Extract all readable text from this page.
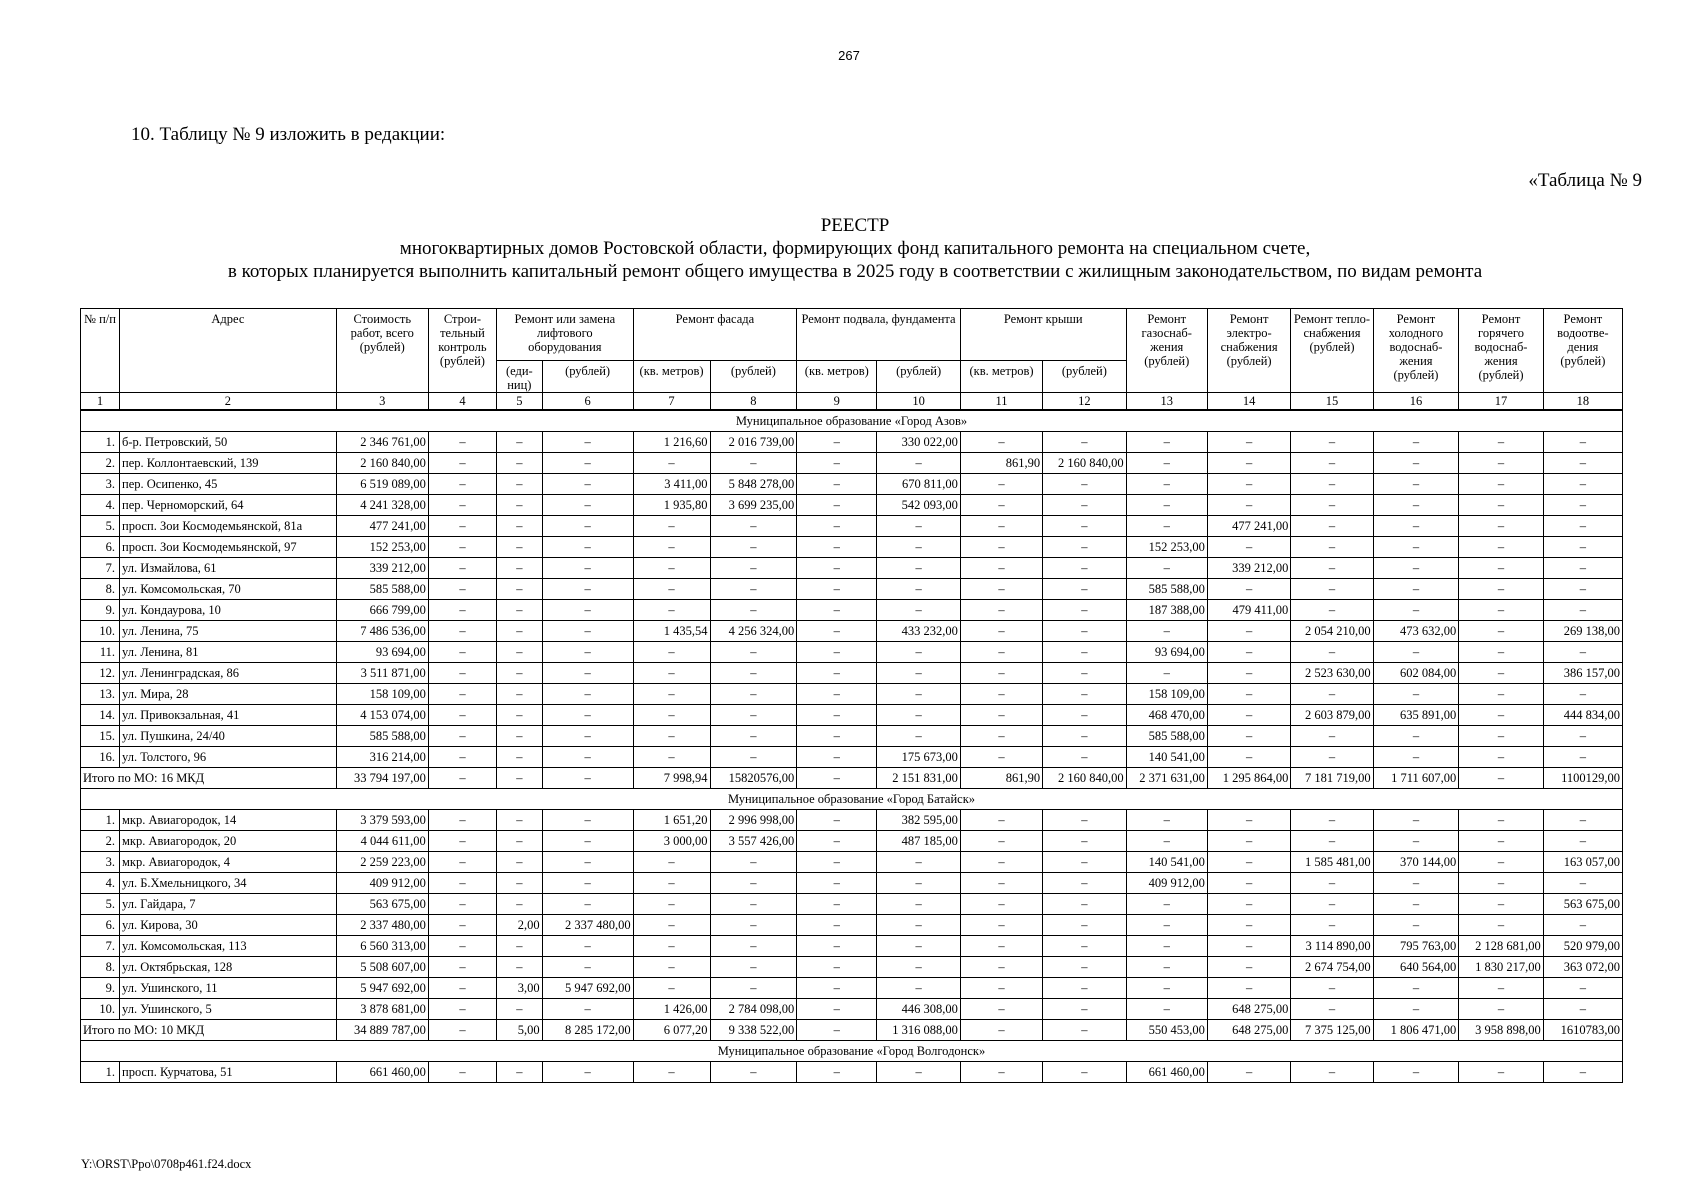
267
10. Таблицу № 9 изложить в редакции:
«Таблица № 9
РЕЕСТР
многоквартирных домов Ростовской области, формирующих фонд капитального ремонта на специальном счете,
в которых планируется выполнить капитальный ремонт общего имущества в 2025 году в соответствии с жилищным законодательством, по видам ремонта
№ п/п	Адрес	Стоимость работ, всего (рублей)	Строи-тельный контроль (рублей)	Ремонт или замена лифтового оборудования		Ремонт фасада		Ремонт подвала, фундамента		Ремонт крыши		Ремонт газоснаб-жения (рублей)	Ремонт электро-снабжения (рублей)	Ремонт тепло-снабжения (рублей)	Ремонт холодного водоснаб-жения (рублей)	Ремонт горячего водоснаб-жения (рублей)	Ремонт водоотве-дения (рублей)
				(еди-ниц)	(рублей)	(кв. метров)	(рублей)	(кв. метров)	(рублей)	(кв. метров)	(рублей)						
1	2	3	4	5	6	7	8	9	10	11	12	13	14	15	16	17	18
Муниципальное образование «Город Азов»																	
1.	б-р. Петровский, 50	2 346 761,00	–	–	–	1 216,60	2 016 739,00	–	330 022,00	–	–	–	–	–	–	–	–
2.	пер. Коллонтаевский, 139	2 160 840,00	–	–	–	–	–	–	–	861,90	2 160 840,00	–	–	–	–	–	–
3.	пер. Осипенко, 45	6 519 089,00	–	–	–	3 411,00	5 848 278,00	–	670 811,00	–	–	–	–	–	–	–	–
4.	пер. Черноморский, 64	4 241 328,00	–	–	–	1 935,80	3 699 235,00	–	542 093,00	–	–	–	–	–	–	–	–
5.	просп. Зои Космодемьянской, 81а	477 241,00	–	–	–	–	–	–	–	–	–	–	477 241,00	–	–	–	–
6.	просп. Зои Космодемьянской, 97	152 253,00	–	–	–	–	–	–	–	–	–	152 253,00	–	–	–	–	–
7.	ул. Измайлова, 61	339 212,00	–	–	–	–	–	–	–	–	–	–	339 212,00	–	–	–	–
8.	ул. Комсомольская, 70	585 588,00	–	–	–	–	–	–	–	–	–	585 588,00	–	–	–	–	–
9.	ул. Кондаурова, 10	666 799,00	–	–	–	–	–	–	–	–	–	187 388,00	479 411,00	–	–	–	–
10.	ул. Ленина, 75	7 486 536,00	–	–	–	1 435,54	4 256 324,00	–	433 232,00	–	–	–	–	2 054 210,00	473 632,00	–	269 138,00
11.	ул. Ленина, 81	93 694,00	–	–	–	–	–	–	–	–	–	93 694,00	–	–	–	–	–
12.	ул. Ленинградская, 86	3 511 871,00	–	–	–	–	–	–	–	–	–	–	–	2 523 630,00	602 084,00	–	386 157,00
13.	ул. Мира, 28	158 109,00	–	–	–	–	–	–	–	–	–	158 109,00	–	–	–	–	–
14.	ул. Привокзальная, 41	4 153 074,00	–	–	–	–	–	–	–	–	–	468 470,00	–	2 603 879,00	635 891,00	–	444 834,00
15.	ул. Пушкина, 24/40	585 588,00	–	–	–	–	–	–	–	–	–	585 588,00	–	–	–	–	–
16.	ул. Толстого, 96	316 214,00	–	–	–	–	–	–	175 673,00	–	–	140 541,00	–	–	–	–	–
Итого по МО: 16 МКД		33 794 197,00	–	–	–	7 998,94	15820576,00	–	2 151 831,00	861,90	2 160 840,00	2 371 631,00	1 295 864,00	7 181 719,00	1 711 607,00	–	1100129,00
Муниципальное образование «Город Батайск»																	
1.	мкр. Авиагородок, 14	3 379 593,00	–	–	–	1 651,20	2 996 998,00	–	382 595,00	–	–	–	–	–	–	–	–
2.	мкр. Авиагородок, 20	4 044 611,00	–	–	–	3 000,00	3 557 426,00	–	487 185,00	–	–	–	–	–	–	–	–
3.	мкр. Авиагородок, 4	2 259 223,00	–	–	–	–	–	–	–	–	–	140 541,00	–	1 585 481,00	370 144,00	–	163 057,00
4.	ул. Б.Хмельницкого, 34	409 912,00	–	–	–	–	–	–	–	–	–	409 912,00	–	–	–	–	–
5.	ул. Гайдара, 7	563 675,00	–	–	–	–	–	–	–	–	–	–	–	–	–	–	563 675,00
6.	ул. Кирова, 30	2 337 480,00	–	2,00	2 337 480,00	–	–	–	–	–	–	–	–	–	–	–	–
7.	ул. Комсомольская, 113	6 560 313,00	–	–	–	–	–	–	–	–	–	–	–	3 114 890,00	795 763,00	2 128 681,00	520 979,00
8.	ул. Октябрьская, 128	5 508 607,00	–	–	–	–	–	–	–	–	–	–	–	2 674 754,00	640 564,00	1 830 217,00	363 072,00
9.	ул. Ушинского, 11	5 947 692,00	–	3,00	5 947 692,00	–	–	–	–	–	–	–	–	–	–	–	–
10.	ул. Ушинского, 5	3 878 681,00	–	–	–	1 426,00	2 784 098,00	–	446 308,00	–	–	–	648 275,00	–	–	–	–
Итого по МО: 10 МКД		34 889 787,00	–	5,00	8 285 172,00	6 077,20	9 338 522,00	–	1 316 088,00	–	–	550 453,00	648 275,00	7 375 125,00	1 806 471,00	3 958 898,00	1610783,00
Муниципальное образование «Город Волгодонск»																	
1.	просп. Курчатова, 51	661 460,00	–	–	–	–	–	–	–	–	–	661 460,00	–	–	–	–	–
Y:\ORST\Ppo\0708p461.f24.docx
